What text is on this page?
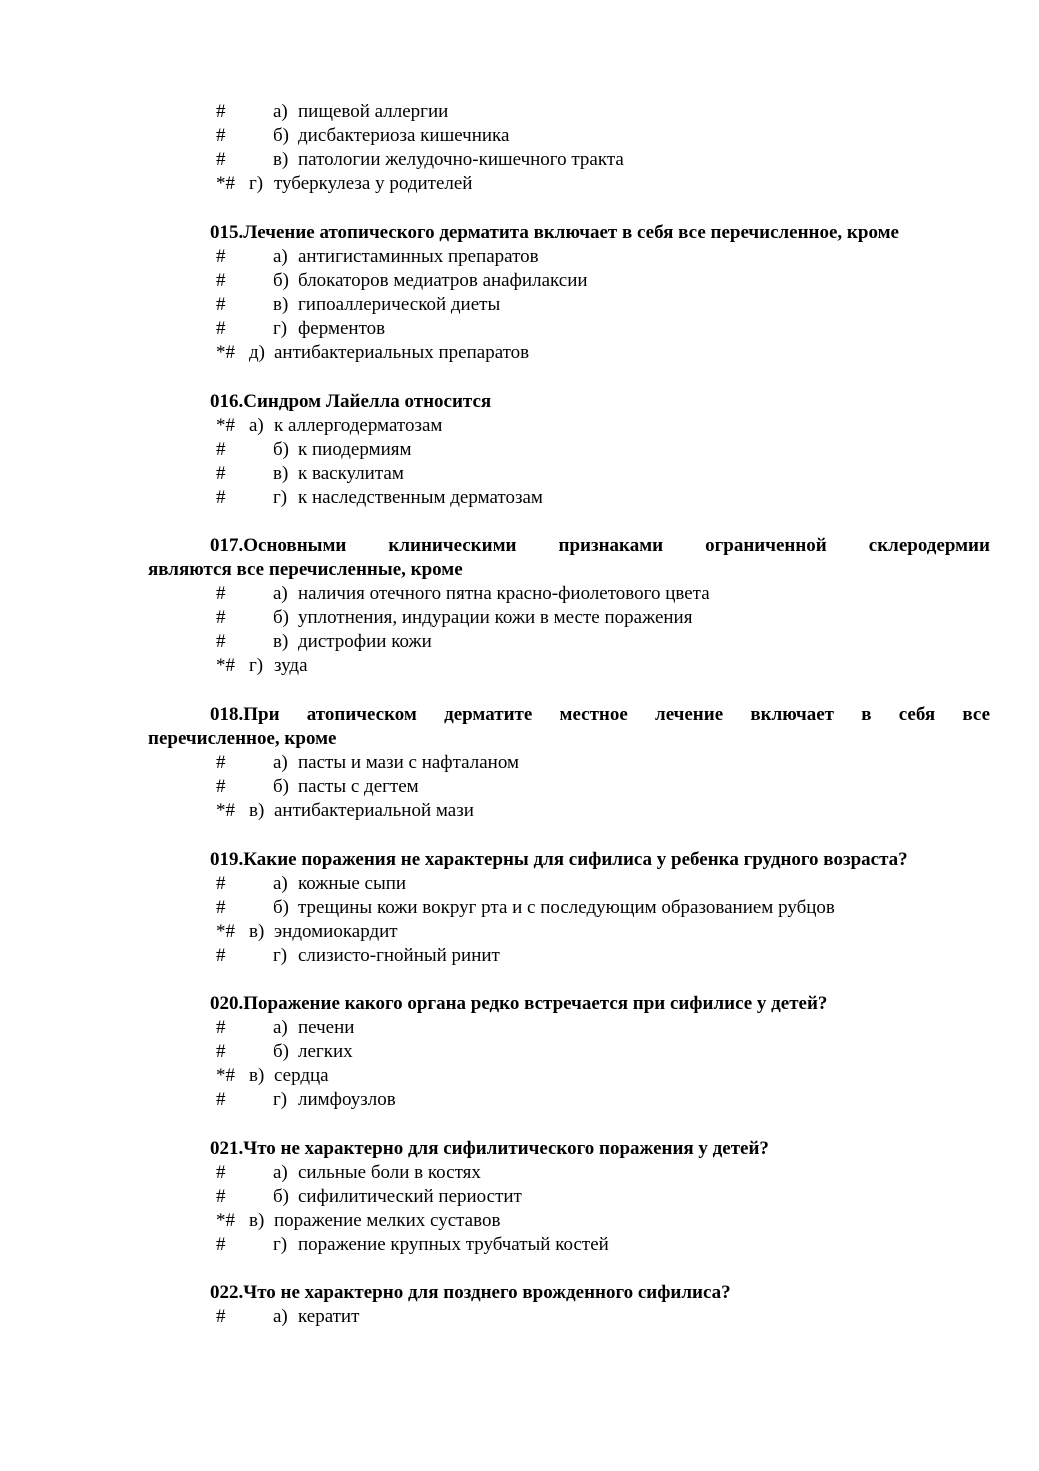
#	а) пищевой аллергии
#	б) дисбактериоза кишечника
#	в) патологии желудочно-кишечного тракта
*# г) туберкулеза у родителей
015.Лечение атопического дерматита включает в себя все перечисленное, кроме
#	а) антигистаминных препаратов
#	б) блокаторов медиатров анафилаксии
#	в) гипоаллерической диеты
#	г) ферментов
*# д) антибактериальных препаратов
016.Синдром Лайелла относится
*# а) к аллергодерматозам
#	б) к пиодермиям
#	в) к васкулитам
#	г) к наследственным дерматозам
017.Основными клиническими признаками ограниченной склеродермии
являются все перечисленные, кроме
#	а) наличия отечного пятна красно-фиолетового цвета
#	б) уплотнения, индурации кожи в месте поражения
#	в) дистрофии кожи
*# г) зуда
018.При атопическом дерматите местное лечение включает в себя все
перечисленное, кроме
#	а) пасты и мази с нафталаном
#	б) пасты с дегтем
*# в) антибактериальной мази
019.Какие поражения не характерны для сифилиса у ребенка грудного возраста?
#	а) кожные сыпи
#	б) трещины кожи вокруг рта и с последующим образованием рубцов
*# в) эндомиокардит
#	г) слизисто-гнойный ринит
020.Поражение какого органа редко встречается при сифилисе у детей?
#	а) печени
#	б) легких
*# в) сердца
#	г) лимфоузлов
021.Что не характерно для сифилитического поражения у детей?
#	а) сильные боли в костях
#	б) сифилитический периостит
*# в) поражение мелких суставов
#	г) поражение крупных трубчатый костей
022.Что не характерно для позднего врожденного сифилиса?
#	а) кератит
